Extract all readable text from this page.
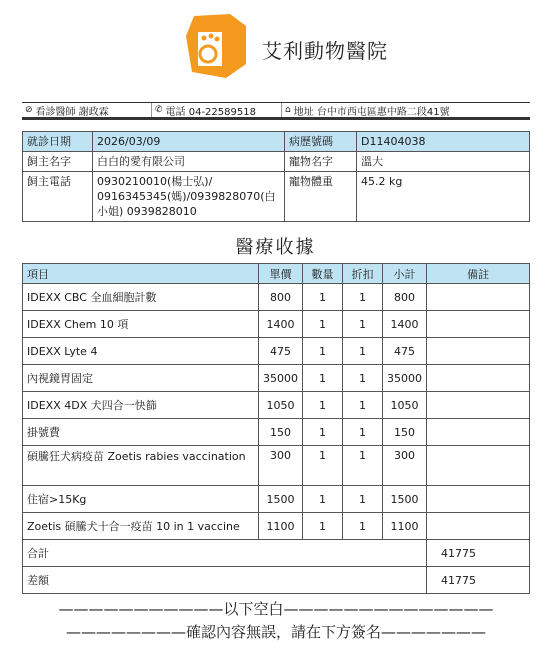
艾利動物醫院
⊘ 看診醫師 謝政霖	✆ 電話 04-22589518	⌂ 地址 台中市西屯區惠中路二段41號
就診日期	2026/03/09	病歷號碼	D11404038
飼主名字	白白的愛有限公司	寵物名字	溫大
飼主電話	0930210010(楊士弘)/ 0916345345(媽)/0939828070(白小姐) 0939828010	寵物體重	45.2 kg
醫療收據
項目	單價	數量	折扣	小計	備註
IDEXX CBC 全血細胞計數	800	1	1	800	
IDEXX Chem 10 項	1400	1	1	1400	
IDEXX Lyte 4	475	1	1	475	
內視鏡胃固定	35000	1	1	35000	
IDEXX 4DX 犬四合一快篩	1050	1	1	1050	
掛號費	150	1	1	150	
碩騰狂犬病疫苗 Zoetis rabies vaccination	300	1	1	300	
住宿>15Kg	1500	1	1	1500	
Zoetis 碩騰犬十合一疫苗 10 in 1 vaccine	1100	1	1	1100	
合計					41775
差額					41775
———————————以下空白——————————————
————————確認內容無誤，請在下方簽名———————
